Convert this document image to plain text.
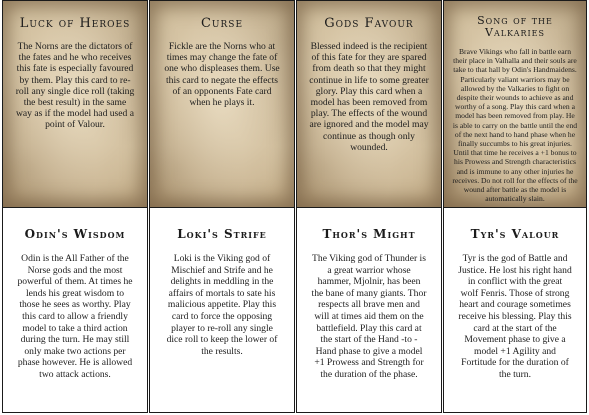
Luck of Heroes

The Norns are the dictators of the fates and he who receives this fate is especially favoured by them. Play this card to re-roll any single dice roll (taking the best result) in the same way as if the model had used a point of Valour.

Curse

Fickle are the Norns who at times may change the fate of one who displeases them. Use this card to negate the effects of an opponents Fate card when he plays it.

Gods Favour

Blessed indeed is the recipient of this fate for they are spared from death so that they might continue in life to some greater glory. Play this card when a model has been removed from play. The effects of the wound are ignored and the model may continue as though only wounded.

Song of the
Valkaries

Brave Vikings who fall in battle earn their place in Valhalla and their souls are take to that hall by Odin's Handmaidens. Particularly valiant warriors may be allowed by the Valkaries to fight on despite their wounds to achieve as and worthy of a song. Play this card when a model has been removed from play. He is able to carry on the battle until the end of the next hand to hand phase when he finally succumbs to his great injuries. Until that time he receives a +1 bonus to his Prowess and Strength characteristics and is immune to any other injuries he receives. Do not roll for the effects of the wound after battle as the model is automatically slain.

Odin's Wisdom

Odin is the All Father of the Norse gods and the most powerful of them. At times he lends his great wisdom to those he sees as worthy. Play this card to allow a friendly model to take a third action during the turn. He may still only make two actions per phase however. He is allowed two attack actions.

Loki's Strife

Loki is the Viking god of Mischief and Strife and he delights in meddling in the affairs of mortals to sate his malicious appetite. Play this card to force the opposing player to re-roll any single dice roll to keep the lower of the results.

Thor's Might

The Viking god of Thunder is a great warrior whose hammer, Mjolnir, has been the bane of many giants. Thor respects all brave men and will at times aid them on the battlefield. Play this card at the start of the Hand -to -Hand phase to give a model +1 Prowess and Strength for the duration of the phase.

Tyr's Valour

Tyr is the god of Battle and Justice. He lost his right hand in conflict with the great wolf Fenris. Those of strong heart and courage sometimes receive his blessing. Play this card at the start of the Movement phase to give a model +1 Agility and Fortitude for the duration of the turn.
